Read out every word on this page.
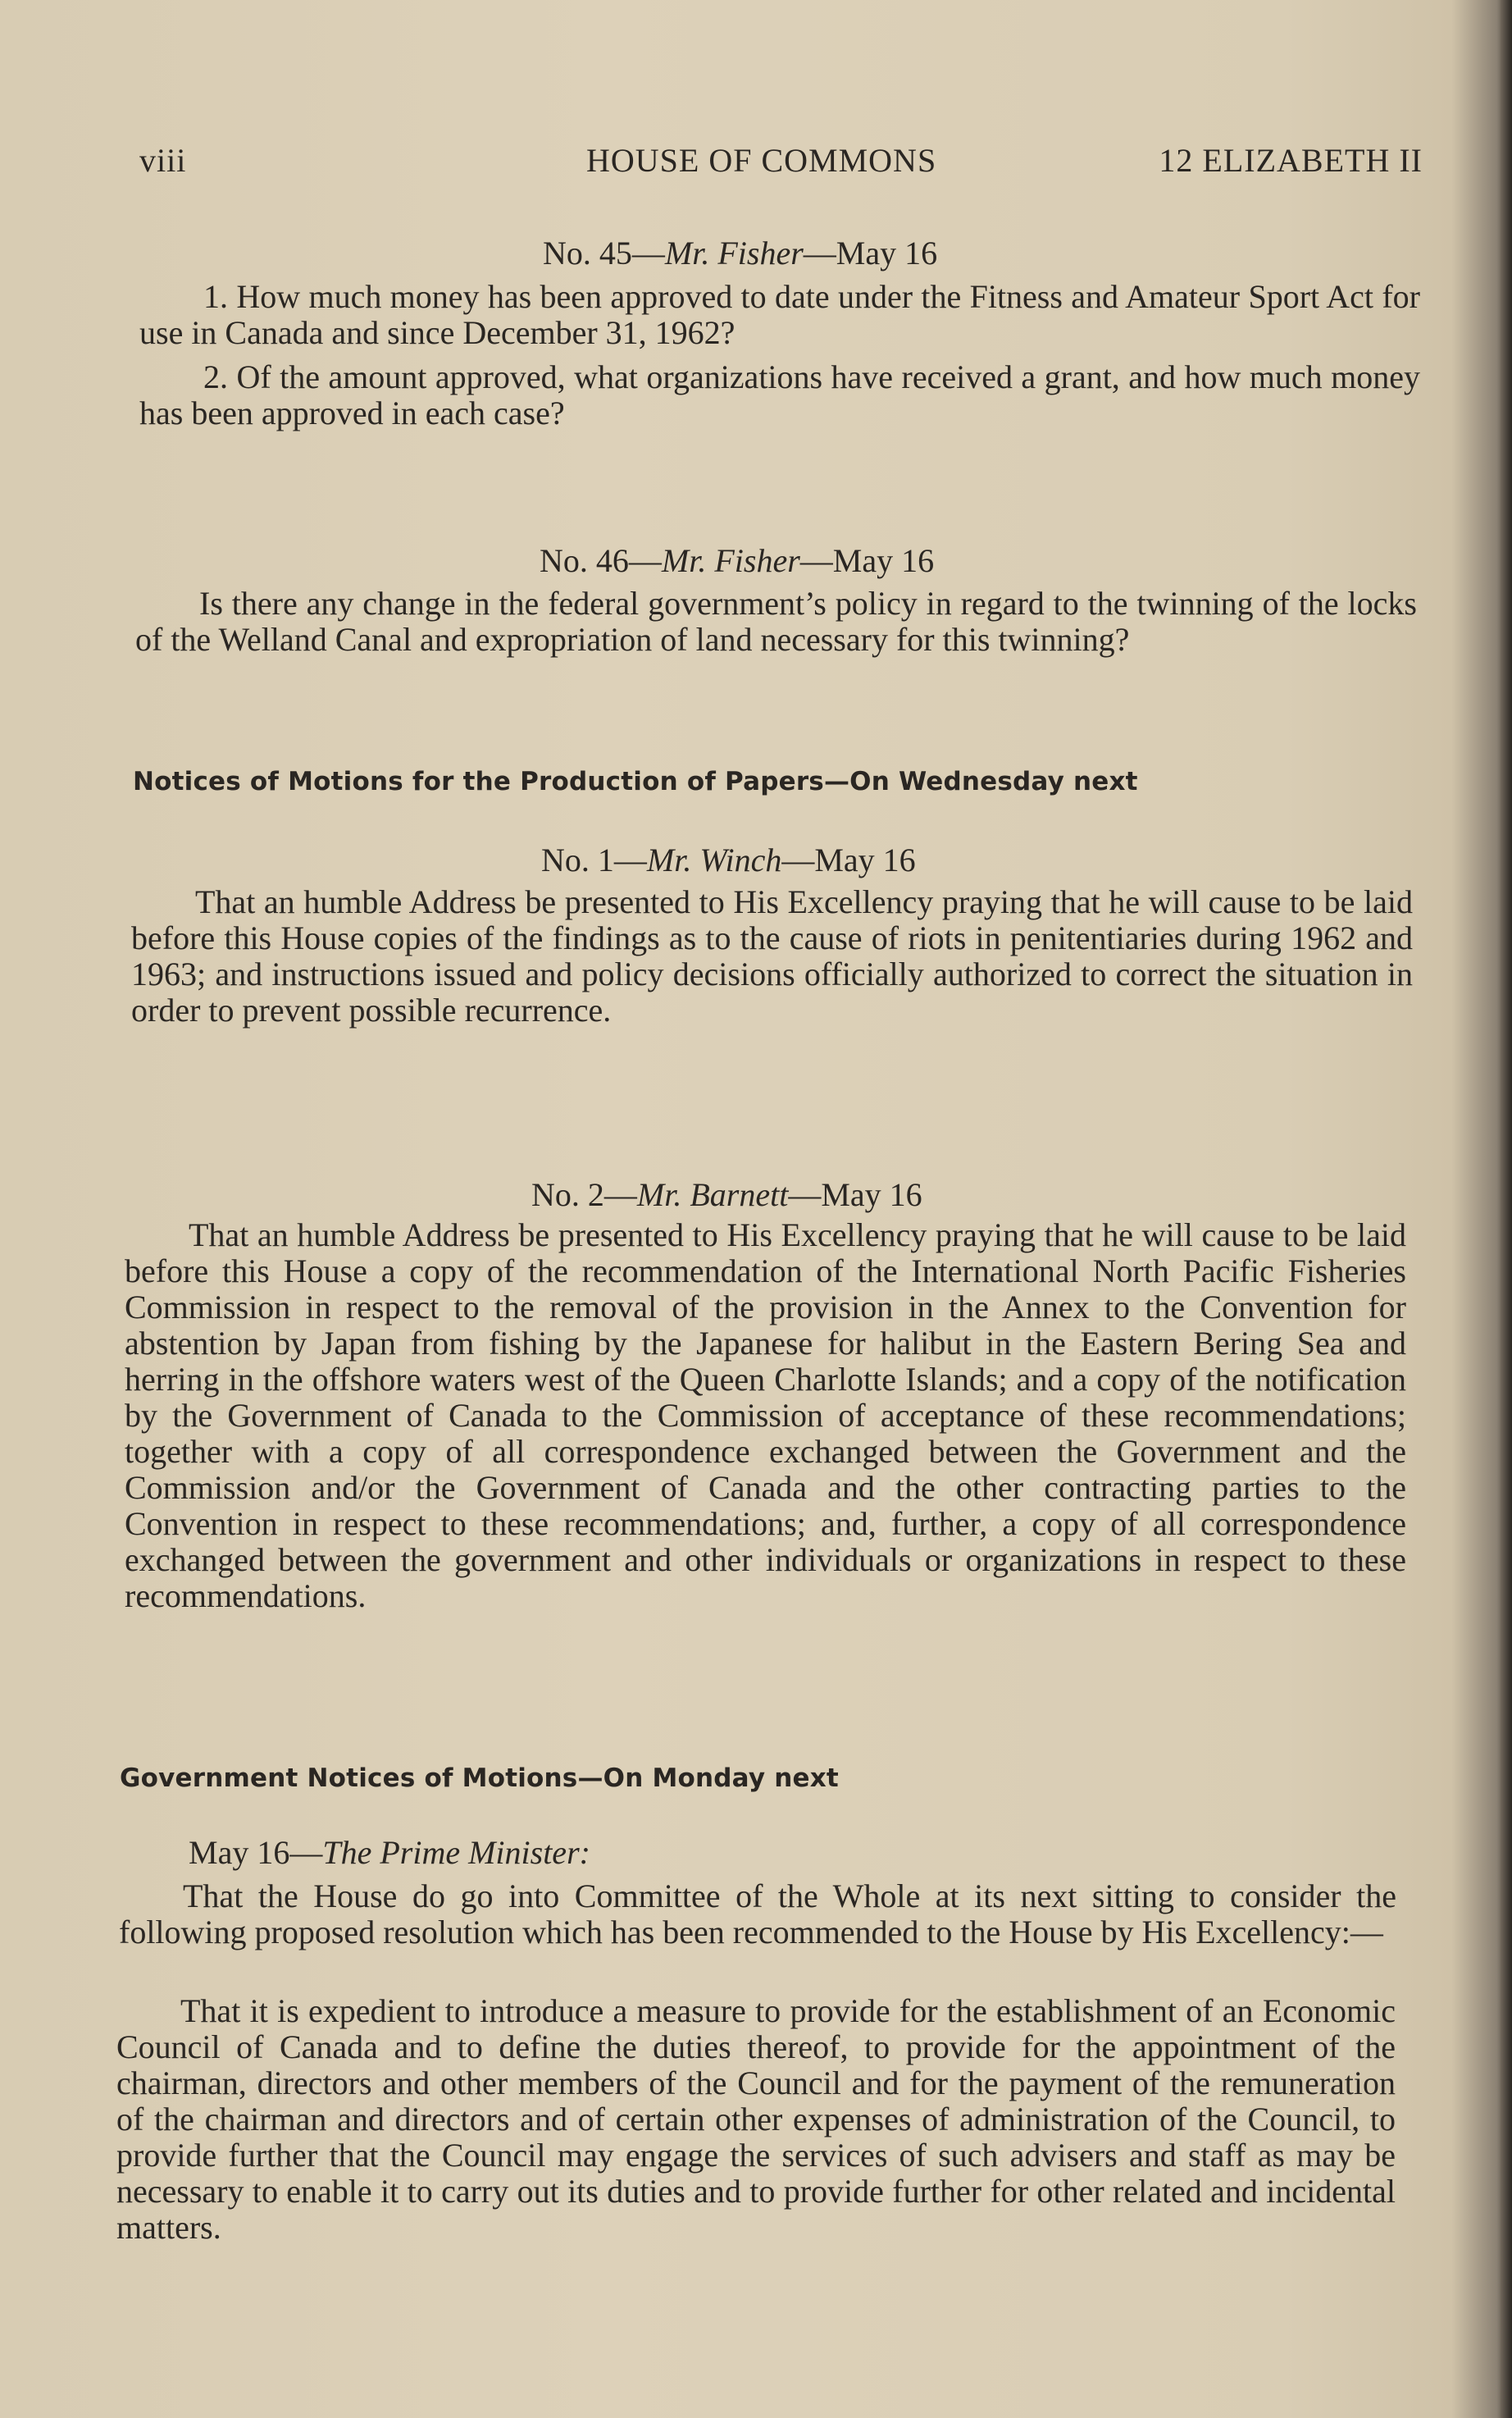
viii	HOUSE OF COMMONS	12 ELIZABETH II
No. 45—Mr. Fisher—May 16

1. How much money has been approved to date under the Fitness and Amateur Sport Act for use in Canada and since December 31, 1962?

2. Of the amount approved, what organizations have received a grant, and how much money has been approved in each case?

No. 46—Mr. Fisher—May 16

Is there any change in the federal government’s policy in regard to the twinning of the locks of the Welland Canal and expropriation of land necessary for this twinning?

Notices of Motions for the Production of Papers—On Wednesday next
No. 1—Mr. Winch—May 16

That an humble Address be presented to His Excellency praying that he will cause to be laid before this House copies of the findings as to the cause of riots in penitentiaries during 1962 and 1963; and instructions issued and policy decisions officially authorized to correct the situation in order to prevent possible recurrence.

No. 2—Mr. Barnett—May 16

That an humble Address be presented to His Excellency praying that he will cause to be laid before this House a copy of the recommendation of the International North Pacific Fisheries Commission in respect to the removal of the provision in the Annex to the Convention for abstention by Japan from fishing by the Japanese for halibut in the Eastern Bering Sea and herring in the offshore waters west of the Queen Charlotte Islands; and a copy of the notification by the Government of Canada to the Commission of acceptance of these recommendations; together with a copy of all correspondence exchanged between the Government and the Commission and/or the Government of Canada and the other contracting parties to the Convention in respect to these recommendations; and, further, a copy of all correspondence exchanged between the government and other individuals or organizations in respect to these recommendations.

Government Notices of Motions—On Monday next
May 16—The Prime Minister:

That the House do go into Committee of the Whole at its next sitting to consider the following proposed resolution which has been recommended to the House by His Excellency:—

That it is expedient to introduce a measure to provide for the establishment of an Economic Council of Canada and to define the duties thereof, to provide for the appointment of the chairman, directors and other members of the Council and for the payment of the remuneration of the chairman and directors and of certain other expenses of administration of the Council, to provide further that the Council may engage the services of such advisers and staff as may be necessary to enable it to carry out its duties and to provide further for other related and incidental matters.
